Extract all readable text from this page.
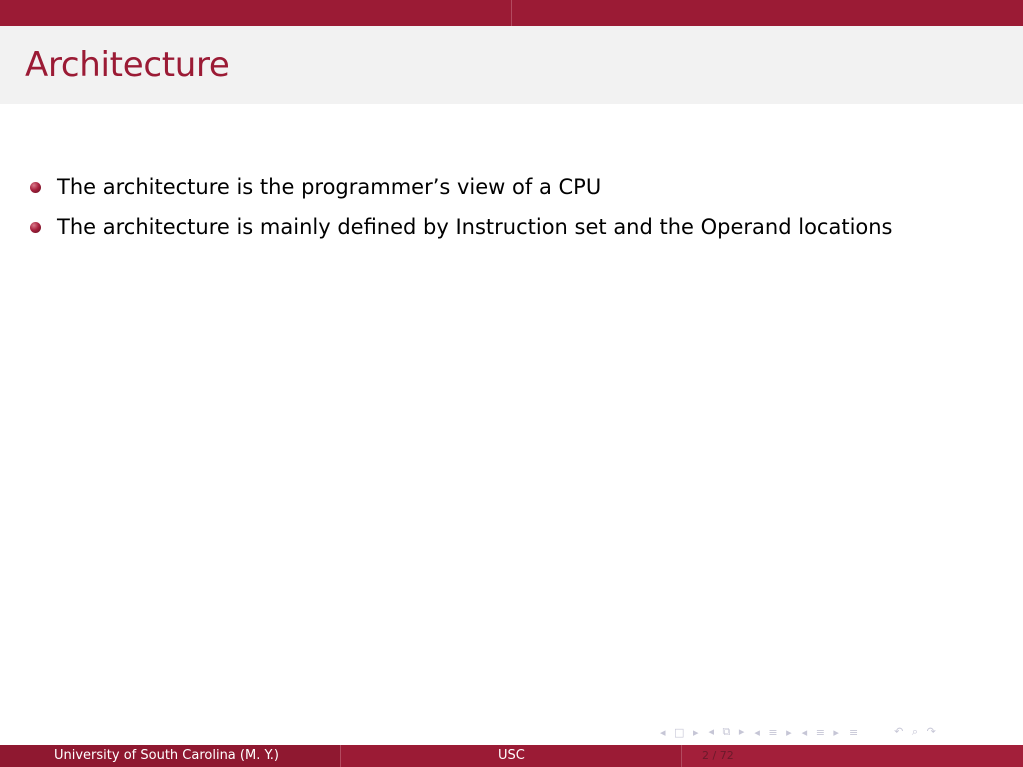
Architecture
The architecture is the programmer’s view of a CPU
The architecture is mainly defined by Instruction set and the Operand locations
◂ □ ▸ ◂ ⧉ ▸ ◂ ≡ ▸ ◂ ≡ ▸ ≡	↶ ⌕ ↷
University of South Carolina (M. Y.)	USC	2 / 72
